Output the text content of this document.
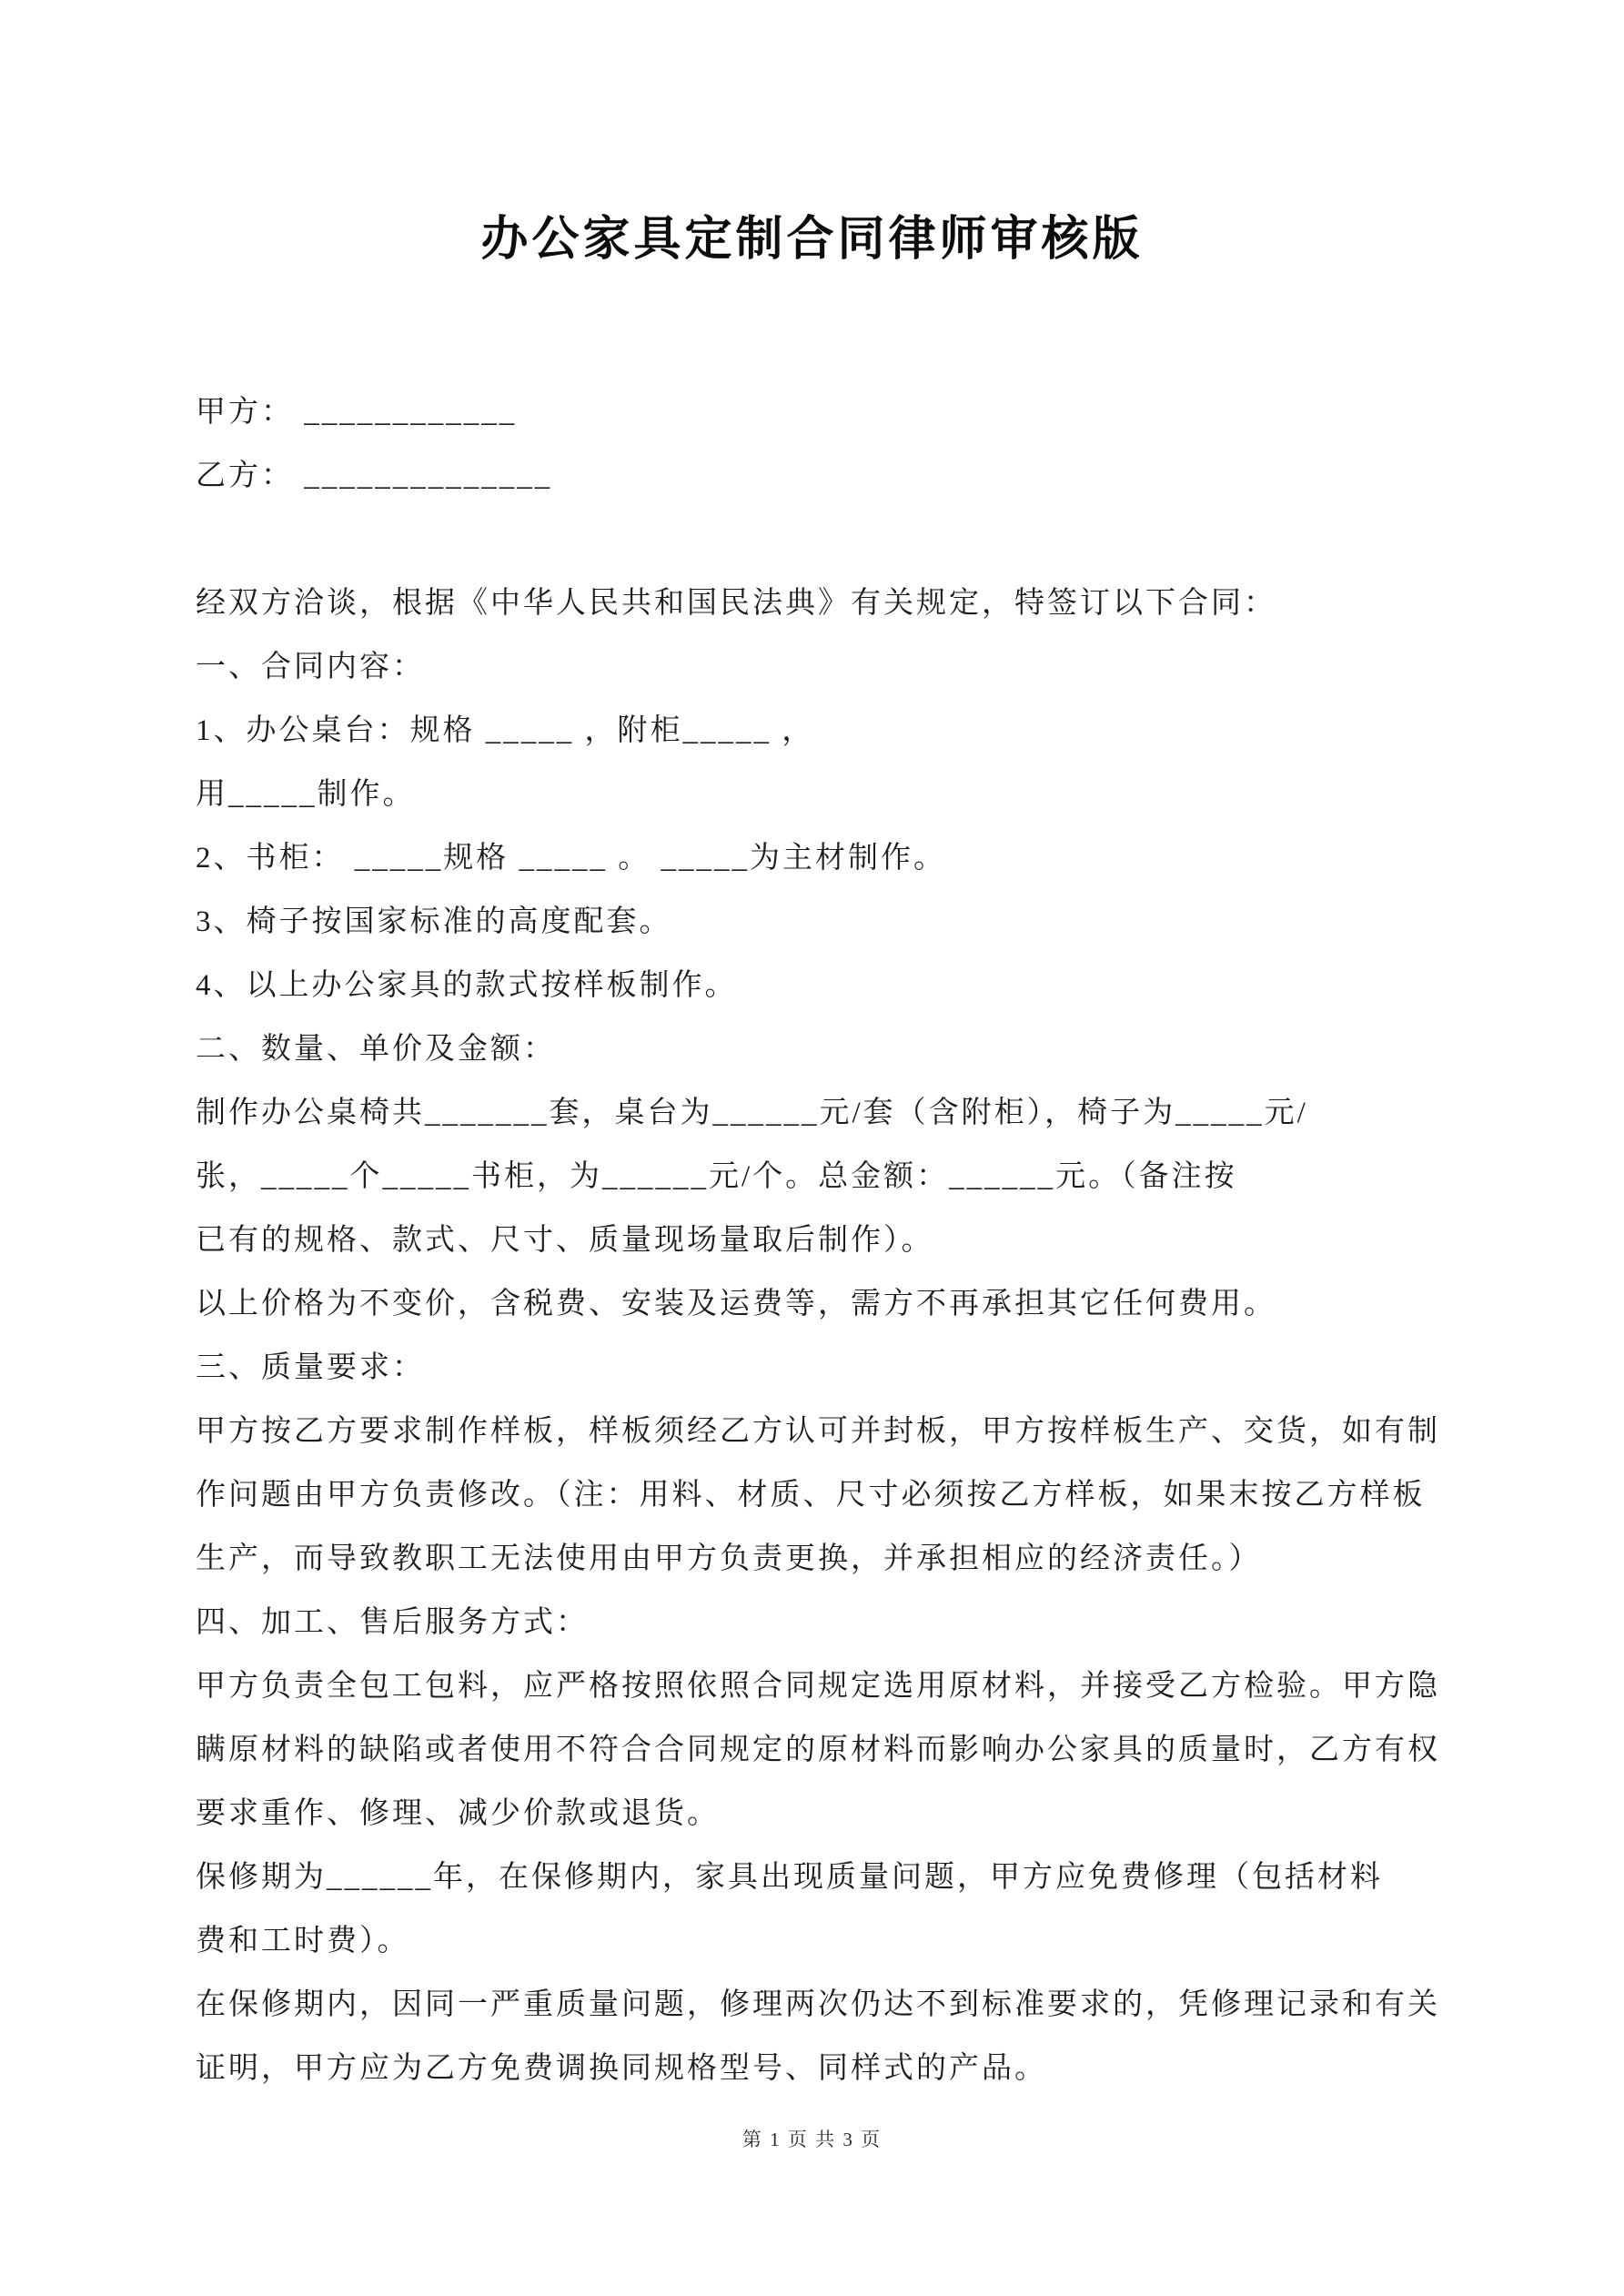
办公家具定制合同律师审核版
甲方： ____________
乙方： ______________
经双方洽谈，根据《中华人民共和国民法典》有关规定，特签订以下合同：
一、合同内容：
1、办公桌台：规格 _____ ，附柜_____ ，
用_____制作。
2、书柜： _____规格 _____ 。 _____为主材制作。
3、椅子按国家标准的高度配套。
4、以上办公家具的款式按样板制作。
二、数量、单价及金额：
制作办公桌椅共_______套，桌台为______元/套（含附柜），椅子为_____元/
张，_____个_____书柜，为______元/个。总金额：______元。（备注按
已有的规格、款式、尺寸、质量现场量取后制作）。
以上价格为不变价，含税费、安装及运费等，需方不再承担其它任何费用。
三、质量要求：
甲方按乙方要求制作样板，样板须经乙方认可并封板，甲方按样板生产、交货，如有制
作问题由甲方负责修改。（注：用料、材质、尺寸必须按乙方样板，如果末按乙方样板
生产，而导致教职工无法使用由甲方负责更换，并承担相应的经济责任。）
四、加工、售后服务方式：
甲方负责全包工包料，应严格按照依照合同规定选用原材料，并接受乙方检验。甲方隐
瞒原材料的缺陷或者使用不符合合同规定的原材料而影响办公家具的质量时，乙方有权
要求重作、修理、减少价款或退货。
保修期为______年，在保修期内，家具出现质量问题，甲方应免费修理（包括材料
费和工时费）。
在保修期内，因同一严重质量问题，修理两次仍达不到标准要求的，凭修理记录和有关
证明，甲方应为乙方免费调换同规格型号、同样式的产品。
第 1 页 共 3 页
